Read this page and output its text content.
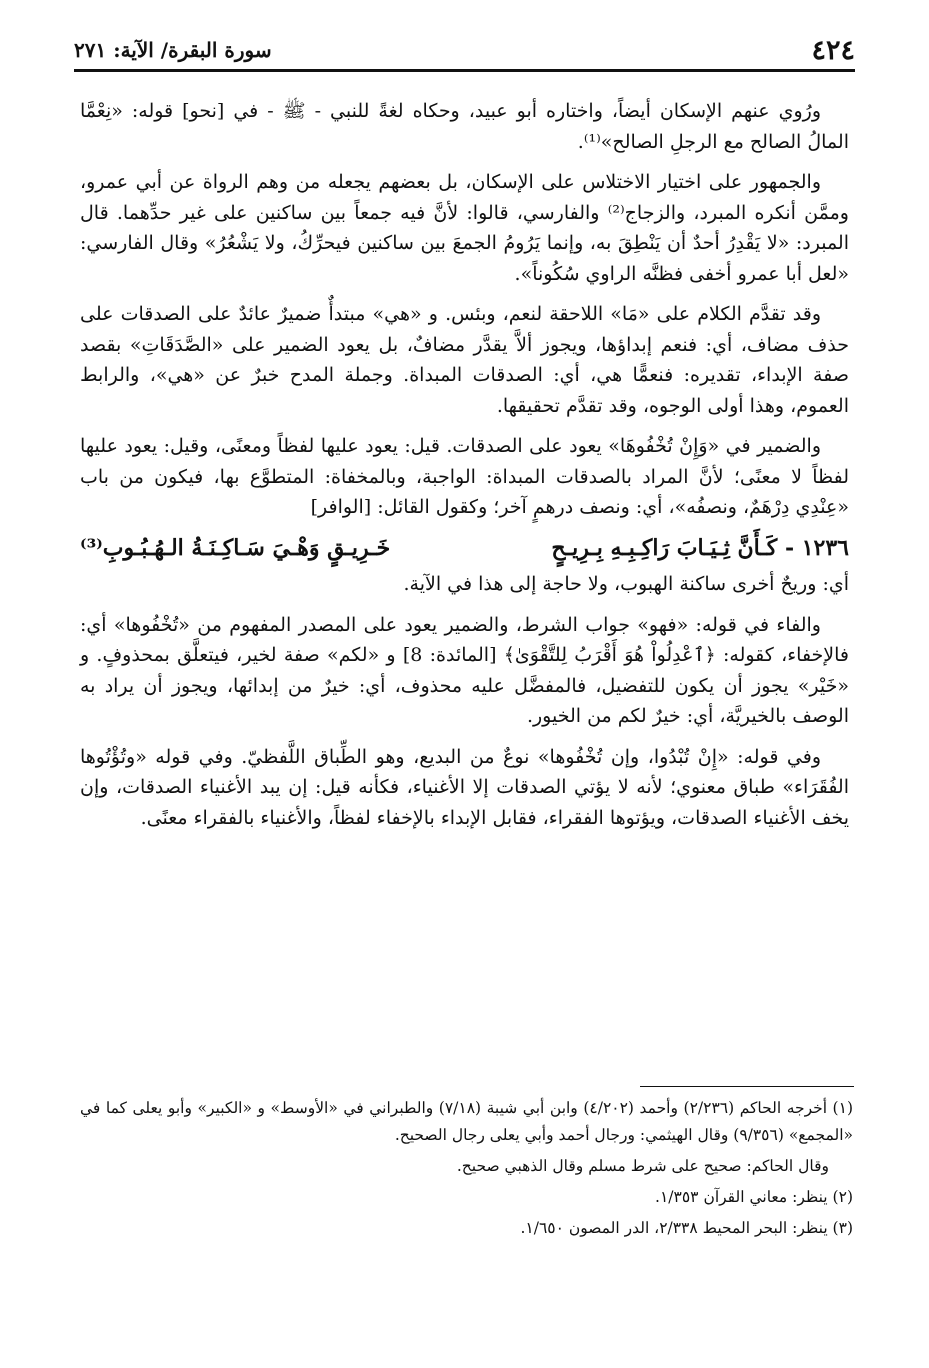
٤٢٤
سورة البقرة/ الآية: ٢٧١

ورُوي عنهم الإسكان أيضاً، واختاره أبو عبيد، وحكاه لغةً للنبي - ﷺ - في [نحو] قوله: «نِعْمَّا المالُ الصالح مع الرجلِ الصالح»⁽¹⁾.

والجمهور على اختيار الاختلاس على الإسكان، بل بعضهم يجعله من وهم الرواة عن أبي عمرو، وممَّن أنكره المبرد، والزجاج⁽²⁾ والفارسي، قالوا: لأنَّ فيه جمعاً بين ساكنين على غير حدِّهما. قال المبرد: «لا يَقْدِرُ أحدٌ أن يَنْطِقَ به، وإنما يَرُومُ الجمعَ بين ساكنين فيحرِّكُ، ولا يَشْعُرُ» وقال الفارسي: «لعل أبا عمرو أخفى فظنَّه الراوي سُكُوناً».

وقد تقدَّم الكلام على «مَا» اللاحقة لنعم، وبئس. و «هي» مبتدأٌ ضميرٌ عائدٌ على الصدقات على حذف مضاف، أي: فنعم إبداؤها، ويجوز ألاَّ يقدَّر مضافٌ، بل يعود الضمير على «الصَّدَقَاتِ» بقصد صفة الإبداء، تقديره: فنعمًّا هي، أي: الصدقات المبداة. وجملة المدح خبرٌ عن «هي»، والرابط العموم، وهذا أولى الوجوه، وقد تقدَّم تحقيقها.

والضمير في «وَإِنْ تُخْفُوهَا» يعود على الصدقات. قيل: يعود عليها لفظاً ومعنًى، وقيل: يعود عليها لفظاً لا معنًى؛ لأنَّ المراد بالصدقات المبداة: الواجبة، وبالمخفاة: المتطوَّع بها، فيكون من باب «عِنْدِي دِرْهَمٌ، ونصفُه»، أي: ونصف درهمٍ آخر؛ وكقول القائل: [الوافر]

١٢٣٦ - كَـأَنَّ ثِـيَـابَ رَاكِـبِـهِ بِـرِيـحٍ
خَـرِيـقٍ وَهْـيَ سَـاكِـنَـةُ الـهُـبُـوبِ⁽³⁾

أي: وريحٌ أخرى ساكنة الهبوب، ولا حاجة إلى هذا في الآية.

والفاء في قوله: «فهو» جواب الشرط، والضمير يعود على المصدر المفهوم من «تُخْفُوها» أي: فالإخفاء، كقوله: ﴿ٱعْدِلُواْ هُوَ أَقْرَبُ لِلتَّقْوَىٰ﴾ [المائدة: 8] و «لكم» صفة لخير، فيتعلَّق بمحذوفٍ. و «خَيْر» يجوز أن يكون للتفضيل، فالمفضَّل عليه محذوف، أي: خيرٌ من إبدائها، ويجوز أن يراد به الوصف بالخيريَّة، أي: خيرٌ لكم من الخيور.

وفي قوله: «إِنْ تُبْدُوا، وإن تُخْفُوها» نوعٌ من البديع، وهو الطِّباق اللَّفظيّ. وفي قوله «وتُؤْتُوها الفُقَرَاء» طباق معنوي؛ لأنه لا يؤتي الصدقات إلا الأغنياء، فكأنه قيل: إن يبد الأغنياء الصدقات، وإن يخف الأغنياء الصدقات، ويؤتوها الفقراء، فقابل الإبداء بالإخفاء لفظاً، والأغنياء بالفقراء معنًى.

(١) أخرجه الحاكم (٢/٢٣٦) وأحمد (٤/٢٠٢) وابن أبي شيبة (٧/١٨) والطبراني في «الأوسط» و «الكبير» وأبو يعلى كما في «المجمع» (٩/٣٥٦) وقال الهيثمي: ورجال أحمد وأبي يعلى رجال الصحيح.

وقال الحاكم: صحيح على شرط مسلم وقال الذهبي صحيح.

(٢) ينظر: معاني القرآن ١/٣٥٣.

(٣) ينظر: البحر المحيط ٢/٣٣٨، الدر المصون ١/٦٥٠.
